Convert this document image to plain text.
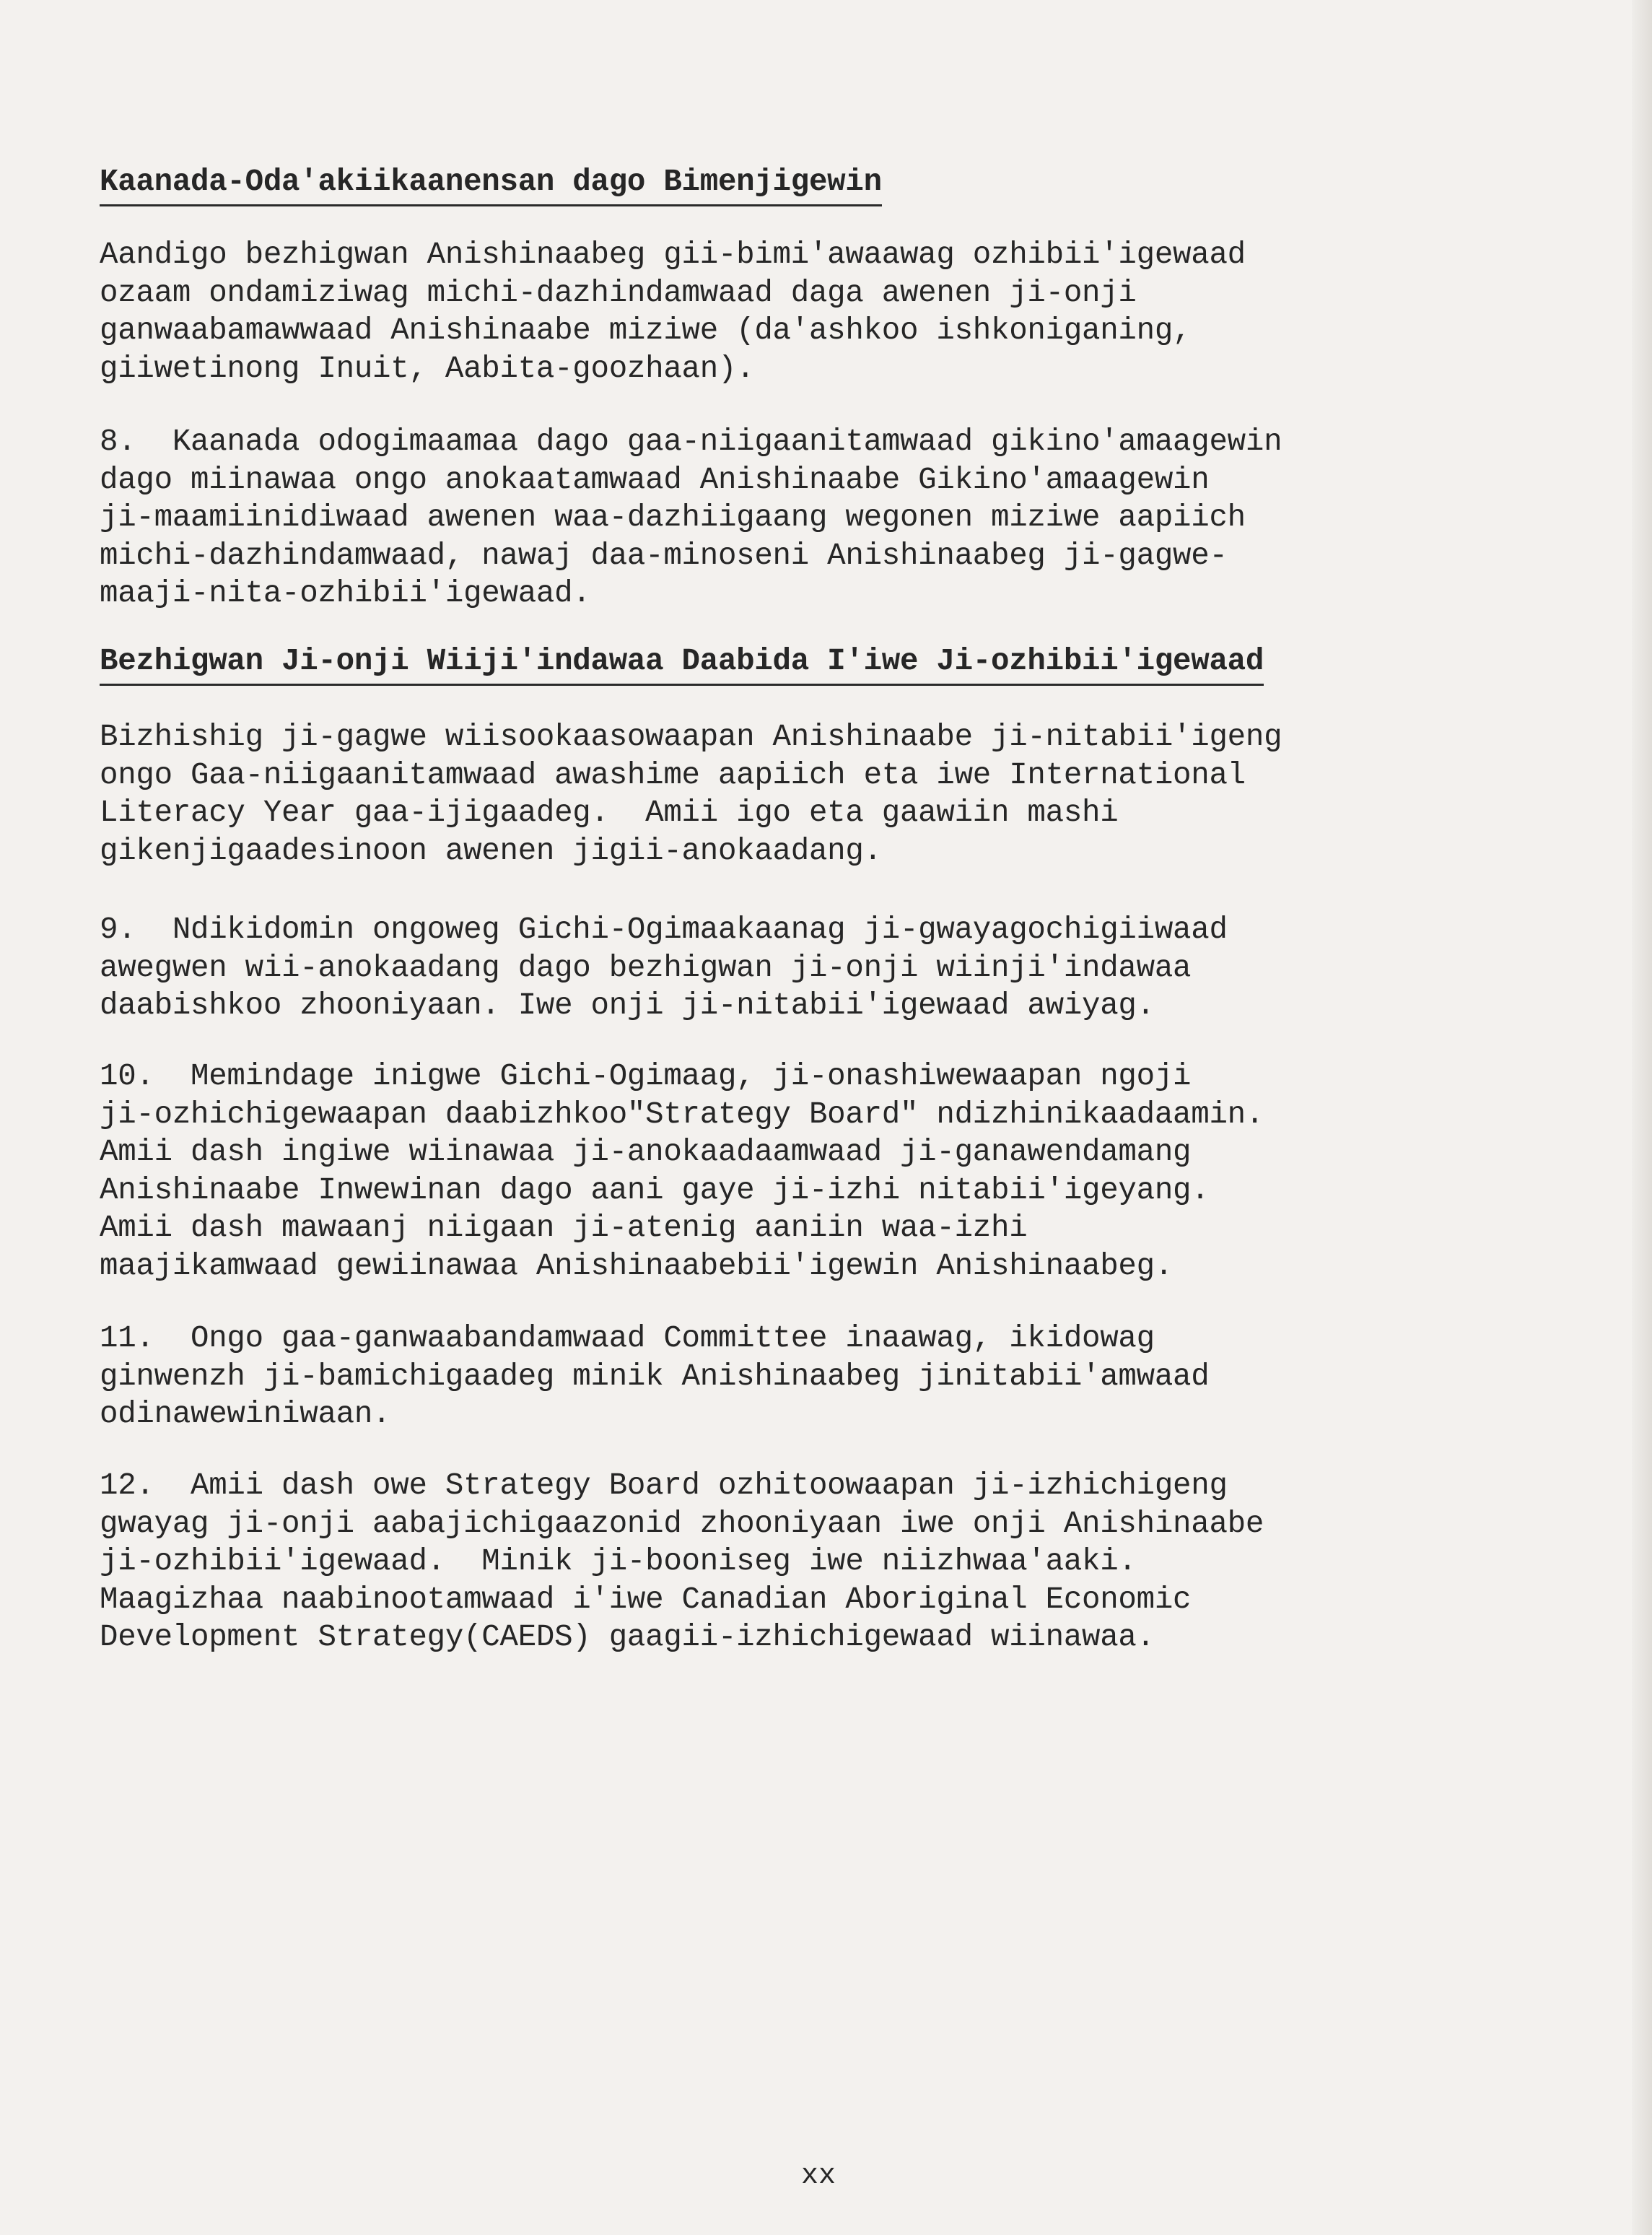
Kaanada-Oda'akiikaanensan dago Bimenjigewin

Aandigo bezhigwan Anishinaabeg gii-bimi'awaawag ozhibii'igewaad
ozaam ondamiziwag michi-dazhindamwaad daga awenen ji-onji
ganwaabamawwaad Anishinaabe miziwe (da'ashkoo ishkoniganing,
giiwetinong Inuit, Aabita-goozhaan).

8.  Kaanada odogimaamaa dago gaa-niigaanitamwaad gikino'amaagewin
dago miinawaa ongo anokaatamwaad Anishinaabe Gikino'amaagewin
ji-maamiinidiwaad awenen waa-dazhiigaang wegonen miziwe aapiich
michi-dazhindamwaad, nawaj daa-minoseni Anishinaabeg ji-gagwe-
maaji-nita-ozhibii'igewaad.

Bezhigwan Ji-onji Wiiji'indawaa Daabida I'iwe Ji-ozhibii'igewaad

Bizhishig ji-gagwe wiisookaasowaapan Anishinaabe ji-nitabii'igeng
ongo Gaa-niigaanitamwaad awashime aapiich eta iwe International
Literacy Year gaa-ijigaadeg.  Amii igo eta gaawiin mashi
gikenjigaadesinoon awenen jigii-anokaadang.

9.  Ndikidomin ongoweg Gichi-Ogimaakaanag ji-gwayagochigiiwaad
awegwen wii-anokaadang dago bezhigwan ji-onji wiinji'indawaa
daabishkoo zhooniyaan. Iwe onji ji-nitabii'igewaad awiyag.

10.  Memindage inigwe Gichi-Ogimaag, ji-onashiwewaapan ngoji
ji-ozhichigewaapan daabizhkoo"Strategy Board" ndizhinikaadaamin.
Amii dash ingiwe wiinawaa ji-anokaadaamwaad ji-ganawendamang
Anishinaabe Inwewinan dago aani gaye ji-izhi nitabii'igeyang.
Amii dash mawaanj niigaan ji-atenig aaniin waa-izhi
maajikamwaad gewiinawaa Anishinaabebii'igewin Anishinaabeg.

11.  Ongo gaa-ganwaabandamwaad Committee inaawag, ikidowag
ginwenzh ji-bamichigaadeg minik Anishinaabeg jinitabii'amwaad
odinawewiniwaan.

12.  Amii dash owe Strategy Board ozhitoowaapan ji-izhichigeng
gwayag ji-onji aabajichigaazonid zhooniyaan iwe onji Anishinaabe
ji-ozhibii'igewaad.  Minik ji-booniseg iwe niizhwaa'aaki.
Maagizhaa naabinootamwaad i'iwe Canadian Aboriginal Economic
Development Strategy(CAEDS) gaagii-izhichigewaad wiinawaa.

xx
